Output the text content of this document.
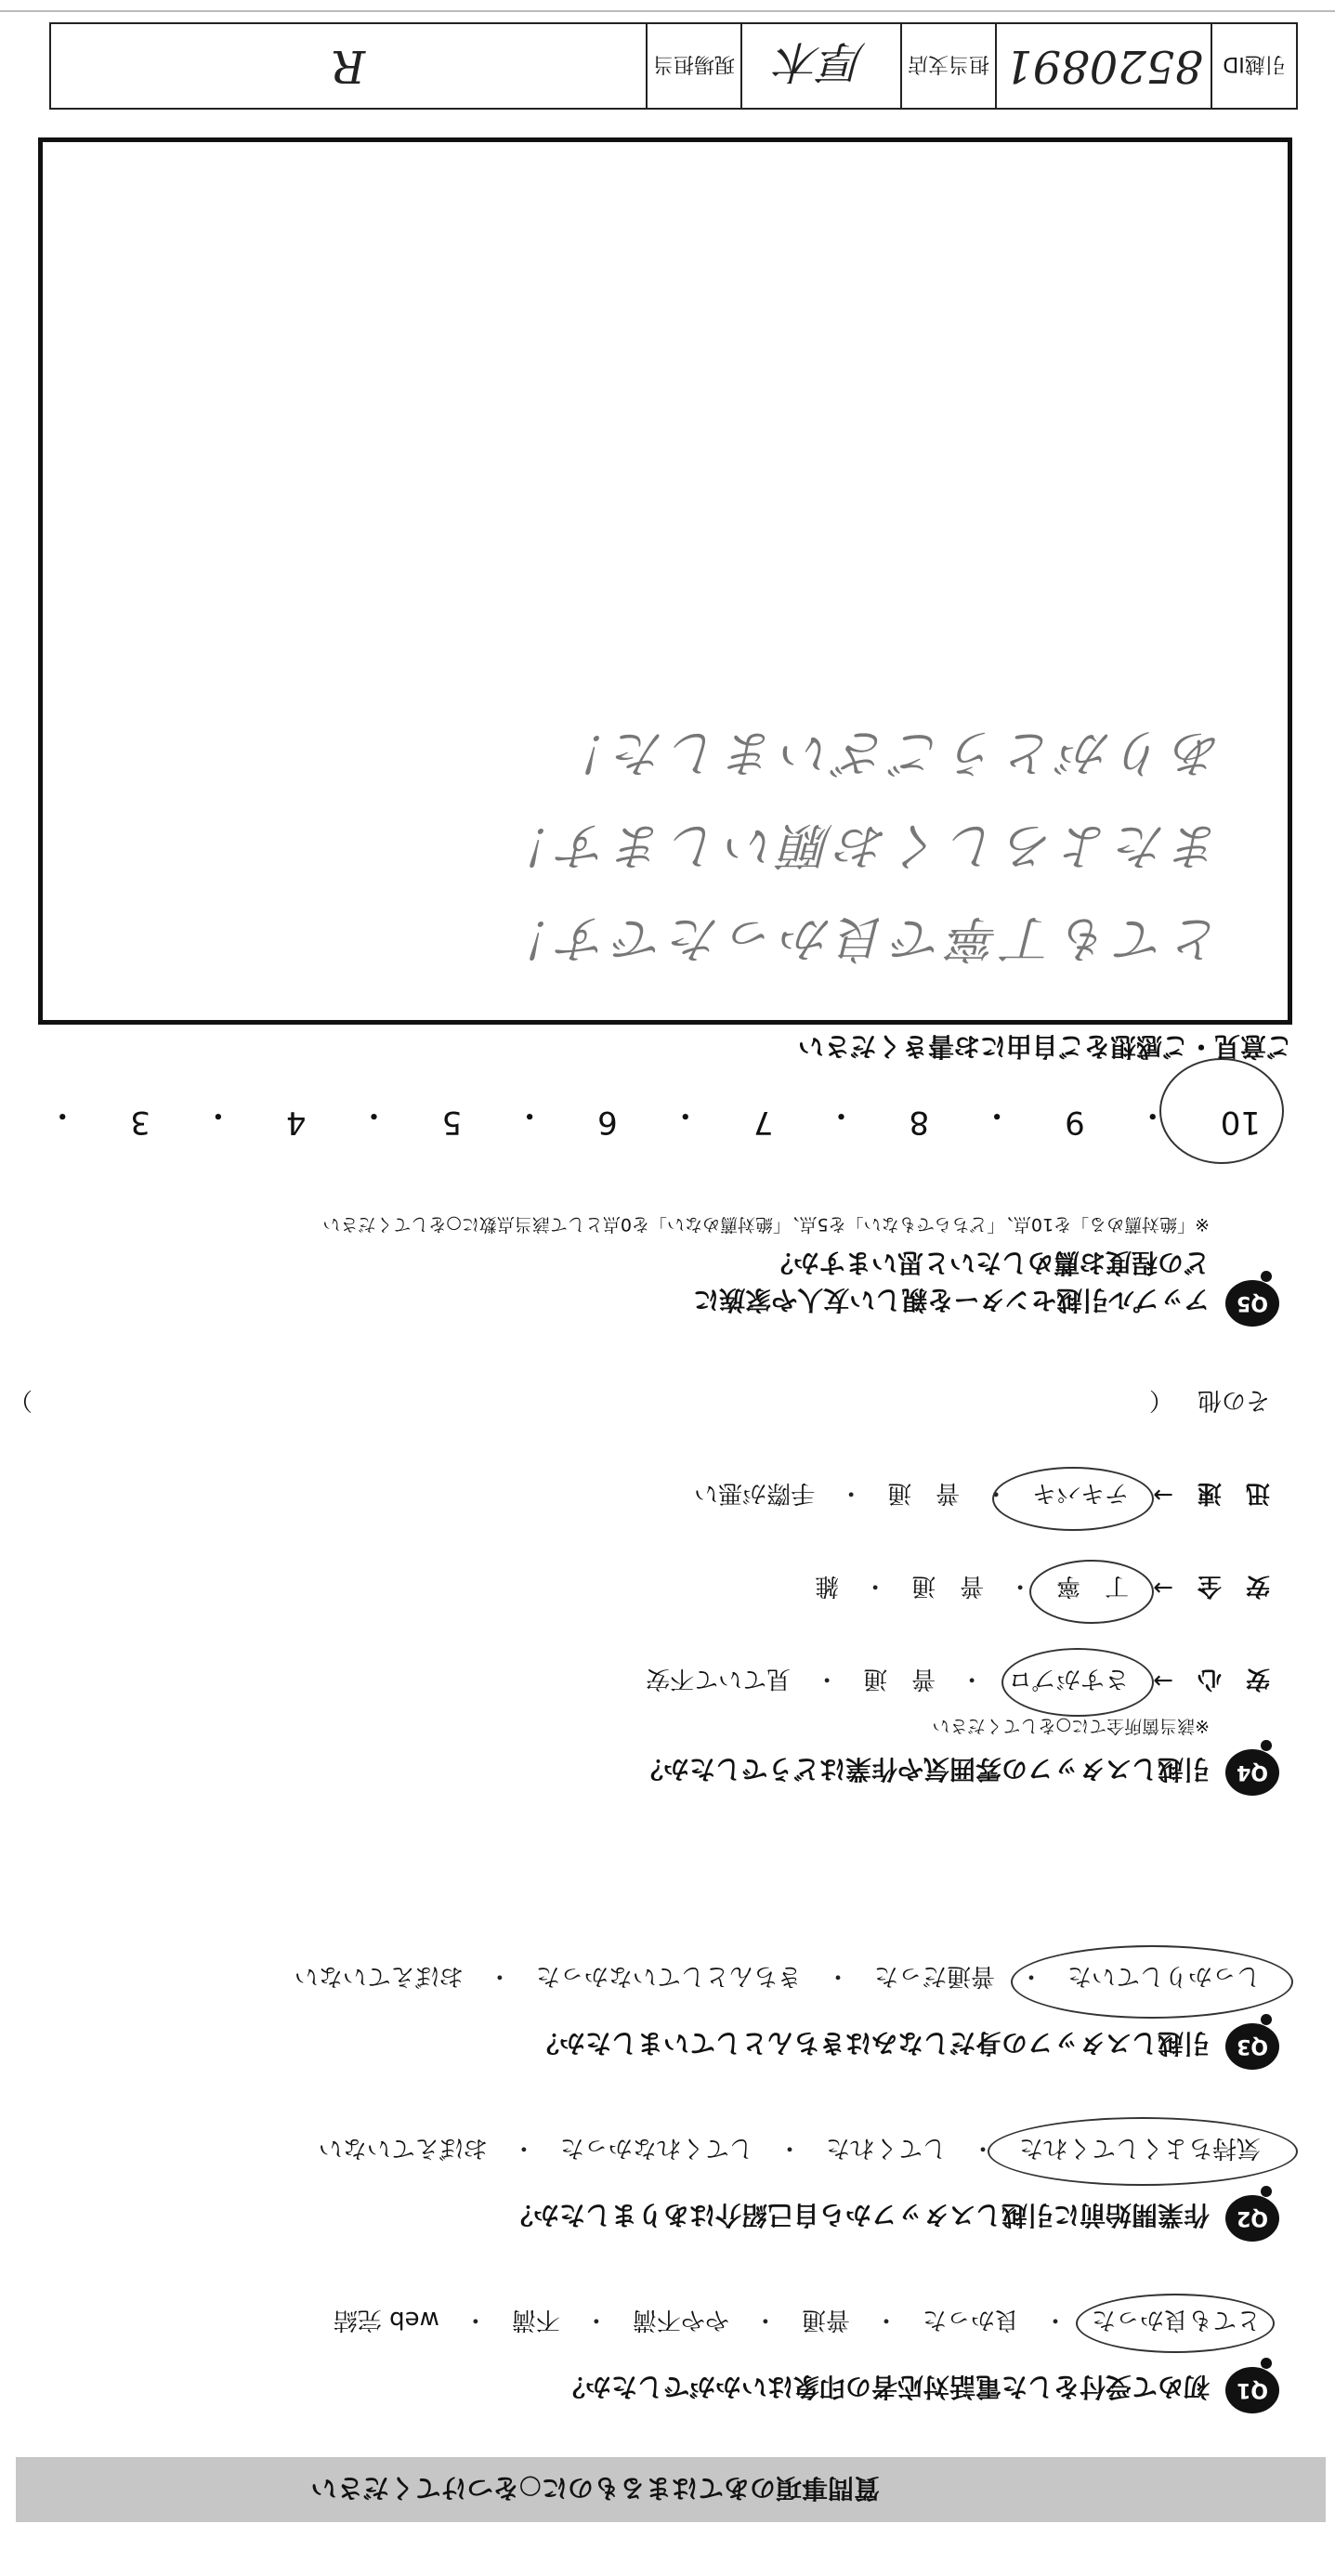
引越ID
8520891
担当支店
厚木
現場担当
R
質問事項のあてはまるものに○をつけてください
Q1
初めて受付をした電話対応者の印象はいかがでしたか？
とても良かった
・
良かった
・
普通
・
やや不満
・
不満
・
web 完結
Q2
作業開始前に引越しスタッフから自己紹介はありましたか？
気持ちよくしてくれた
・
してくれた
・
してくれなかった
・
おぼえていない
Q3
引越しスタッフの身だしなみはきちんとしていましたか？
しっかりしていた
・
普通だった
・
きちんとしていなかった
・
おぼえていない
Q4
引越しスタッフの雰囲気や作業はどうでしたか？
※該当箇所全てに○をしてください
安　心
→
さすがプロ
・
普　通
・
見ていて不安
安　全
→
丁　寧
・
普　通
・
雑
迅　速
→
テキパキ
・
普　通
・
手際が悪い
その他
（
）
Q5
アップル引越センターを親しい友人や家族に
どの程度お薦めしたいと思いますか？
※「絶対薦める」を10点、「どちらでもない」を5点、「絶対薦めない」を0点として該当点数に○をしてください
10
・
9
・
8
・
7
・
6
・
5
・
4
・
3
・
ご意見・ご感想をご自由にお書きください
とても丁寧で良かったです！
またよろしくお願いします！
ありがとうございました！
